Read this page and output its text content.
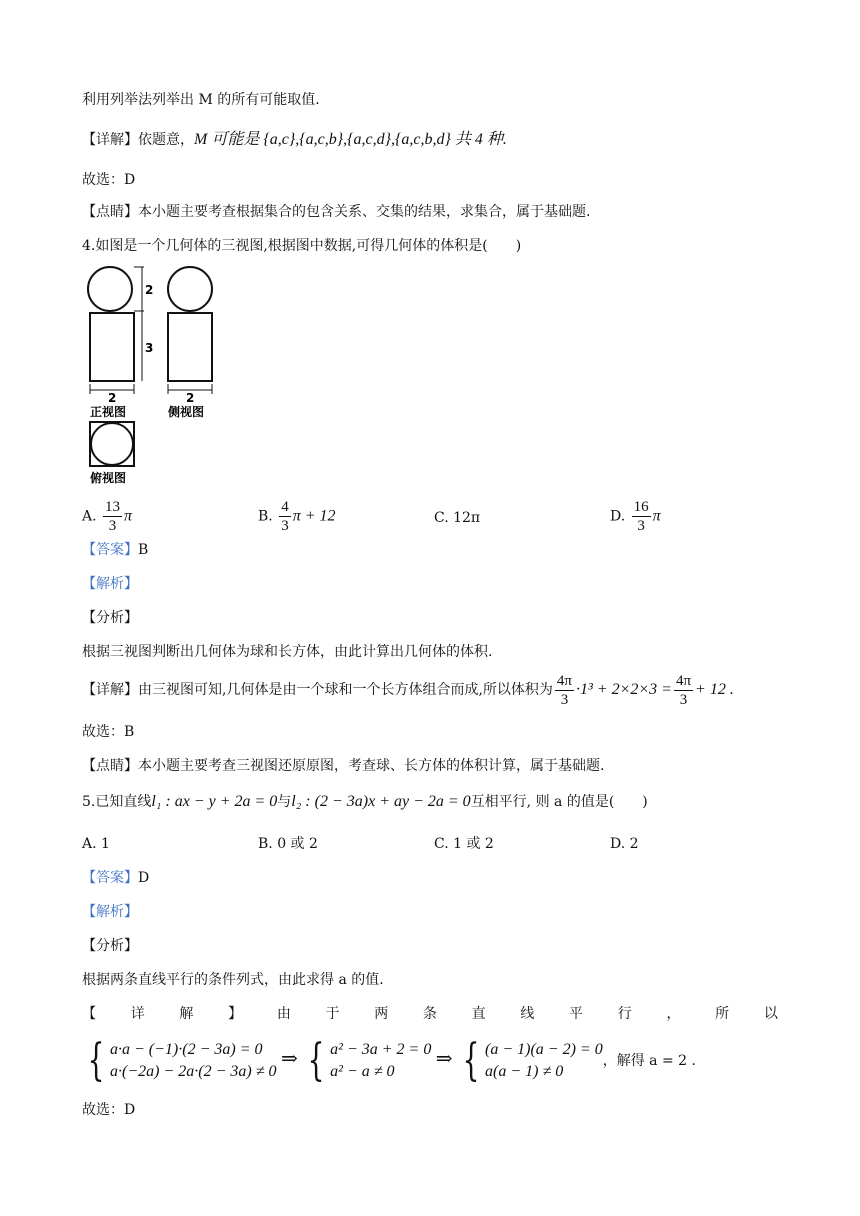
利用列举法列举出 M 的所有可能取值.
【详解】依题意，M 可能是 {a,c},{a,c,b},{a,c,d},{a,c,b,d} 共 4 种.
故选：D
【点睛】本小题主要考查根据集合的包含关系、交集的结果，求集合，属于基础题.
4.如图是一个几何体的三视图,根据图中数据,可得几何体的体积是(　　)
2
3
2
正视图
2
侧视图
俯视图
A. $\frac{13}{3}$ π	B. $\frac{4}{3}$ π + 12	C. 12π	D. $\frac{16}{3}$ π
【答案】B
【解析】
【分析】
根据三视图判断出几何体为球和长方体，由此计算出几何体的体积.
【详解】由三视图可知,几何体是由一个球和一个长方体组合而成,所以体积为 $\frac{4\pi}{3} \cdot 1^3 + 2\times 2\times 3 = \frac{4\pi}{3} + 12$ .
故选：B
【点睛】本小题主要考查三视图还原原图，考查球、长方体的体积计算，属于基础题.
5.已知直线l₁ : ax − y + 2a = 0与l₂ : (2 − 3a)x + ay − 2a = 0互相平行, 则 a 的值是(　　)
A. 1	B. 0 或 2	C. 1 或 2	D. 2
【答案】D
【解析】
【分析】
根据两条直线平行的条件列式，由此求得 a 的值.
【 详 解 】 由 于 两 条 直 线 平 行 ， 所 以
{ a·a − (−1)·(2 − 3a) = 0
a·(−2a) − 2a·(2 − 3a) ≠ 0
⇒ { a² − 3a + 2 = 0
a² − a ≠ 0
⇒ { (a − 1)(a − 2) = 0
a(a − 1) ≠ 0
，解得 a = 2 .
故选：D
